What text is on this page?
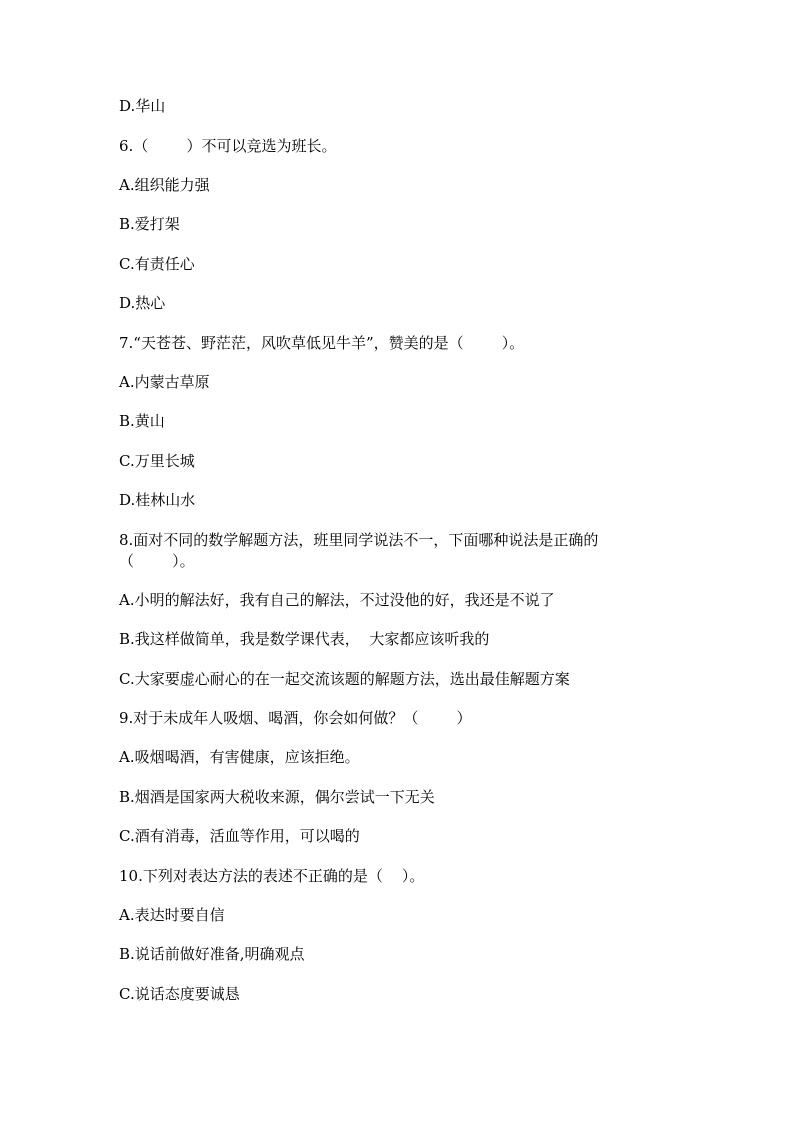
D.华山
6.（        ）不可以竞选为班长。
A.组织能力强
B.爱打架
C.有责任心
D.热心
7.“天苍苍、野茫茫，风吹草低见牛羊”，赞美的是（        ）。
A.内蒙古草原
B.黄山
C.万里长城
D.桂林山水
8.面对不同的数学解题方法，班里同学说法不一，下面哪种说法是正确的
（        ）。
A.小明的解法好，我有自己的解法，不过没他的好，我还是不说了
B.我这样做简单，我是数学课代表，  大家都应该听我的
C.大家要虚心耐心的在一起交流该题的解题方法，选出最佳解题方案
9.对于未成年人吸烟、喝酒，你会如何做？（        ）
A.吸烟喝酒，有害健康，应该拒绝。
B.烟酒是国家两大税收来源，偶尔尝试一下无关
C.酒有消毒，活血等作用，可以喝的
10.下列对表达方法的表述不正确的是（    ）。
A.表达时要自信
B.说话前做好准备,明确观点
C.说话态度要诚恳
